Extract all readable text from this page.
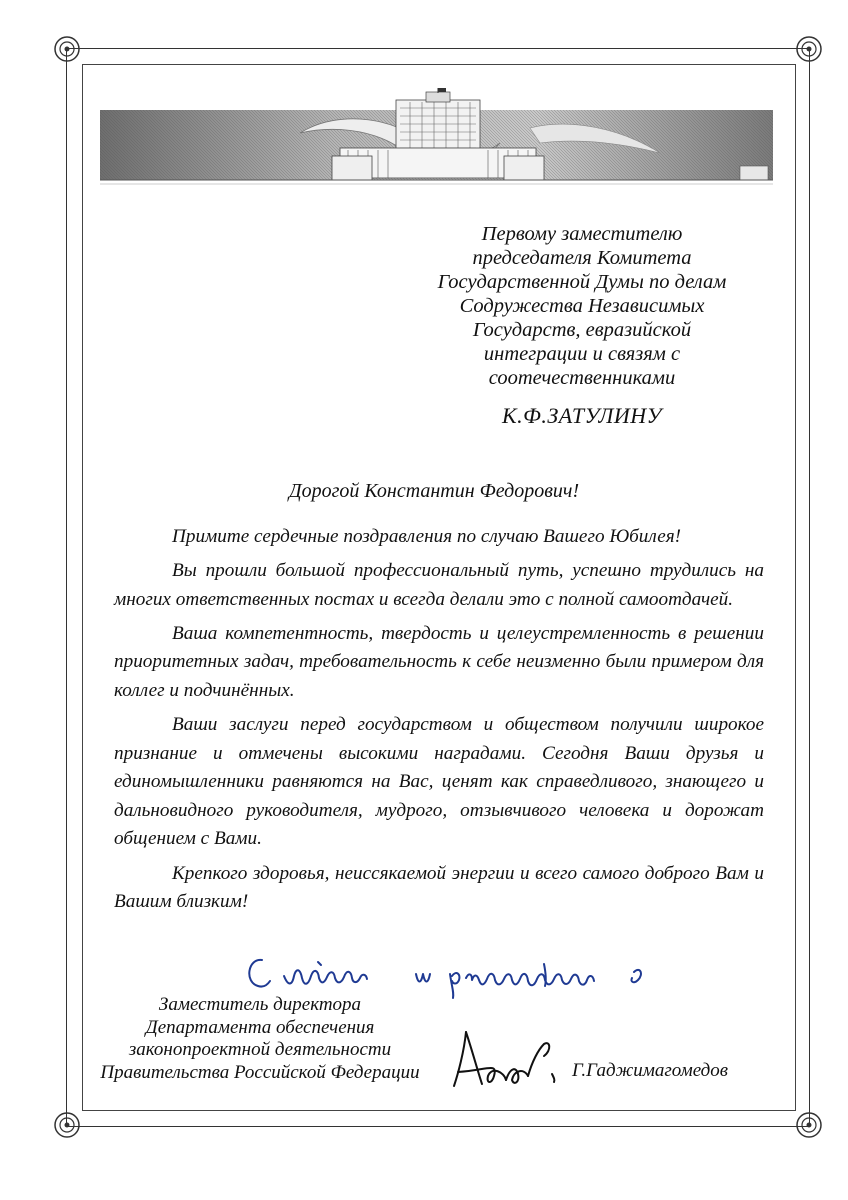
Первому заместителю
председателя Комитета
Государственной Думы по делам
Содружества Независимых
Государств, евразийской
интеграции и связям с
соотечественниками
К.Ф.ЗАТУЛИНУ
Дорогой Константин Федорович!

Примите сердечные поздравления по случаю Вашего Юбилея!

Вы прошли большой профессиональный путь, успешно трудились на многих ответственных постах и всегда делали это с полной самоотдачей.

Ваша компетентность, твердость и целеустремленность в решении приоритетных задач, требовательность к себе неизменно были примером для коллег и подчинённых.

Ваши заслуги перед государством и обществом получили широкое признание и отмечены высокими наградами. Сегодня Ваши друзья и единомышленники равняются на Вас, ценят как справедливого, знающего и дальновидного руководителя, мудрого, отзывчивого человека и дорожат общением с Вами.

Крепкого здоровья, неиссякаемой энергии и всего самого доброго Вам и Вашим близким!

Заместитель директора
Департамента обеспечения
законопроектной деятельности
Правительства Российской Федерации	Г.Гаджимагомедов
